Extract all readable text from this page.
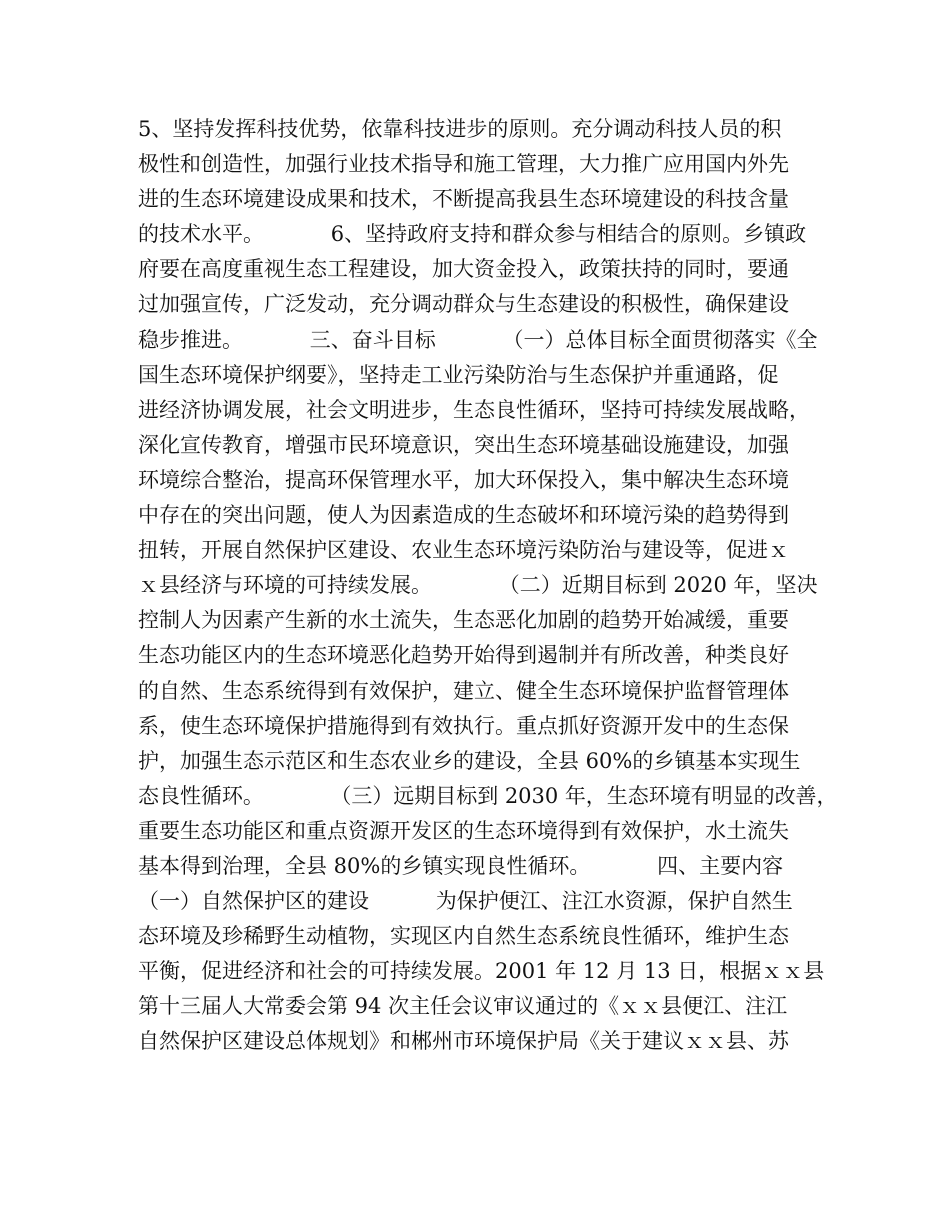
5、坚持发挥科技优势，依靠科技进步的原则。充分调动科技人员的积
极性和创造性，加强行业技术指导和施工管理，大力推广应用国内外先
进的生态环境建设成果和技术，不断提高我县生态环境建设的科技含量
的技术水平。          6、坚持政府支持和群众参与相结合的原则。乡镇政
府要在高度重视生态工程建设，加大资金投入，政策扶持的同时，要通
过加强宣传，广泛发动，充分调动群众与生态建设的积极性，确保建设
稳步推进。          三、奋斗目标          （一）总体目标全面贯彻落实《全
国生态环境保护纲要》，坚持走工业污染防治与生态保护并重通路，促
进经济协调发展，社会文明进步，生态良性循环，坚持可持续发展战略，
深化宣传教育，增强市民环境意识，突出生态环境基础设施建设，加强
环境综合整治，提高环保管理水平，加大环保投入，集中解决生态环境
中存在的突出问题，使人为因素造成的生态破坏和环境污染的趋势得到
扭转，开展自然保护区建设、农业生态环境污染防治与建设等，促进ｘ
ｘ县经济与环境的可持续发展。          （二）近期目标到 2020 年，坚决
控制人为因素产生新的水土流失，生态恶化加剧的趋势开始减缓，重要
生态功能区内的生态环境恶化趋势开始得到遏制并有所改善，种类良好
的自然、生态系统得到有效保护，建立、健全生态环境保护监督管理体
系，使生态环境保护措施得到有效执行。重点抓好资源开发中的生态保
护，加强生态示范区和生态农业乡的建设，全县 60%的乡镇基本实现生
态良性循环。          （三）远期目标到 2030 年，生态环境有明显的改善，
重要生态功能区和重点资源开发区的生态环境得到有效保护，水土流失
基本得到治理，全县 80%的乡镇实现良性循环。          四、主要内容
（一）自然保护区的建设          为保护便江、注江水资源，保护自然生
态环境及珍稀野生动植物，实现区内自然生态系统良性循环，维护生态
平衡，促进经济和社会的可持续发展。2001 年 12 月 13 日，根据ｘｘ县
第十三届人大常委会第 94 次主任会议审议通过的《ｘｘ县便江、注江
自然保护区建设总体规划》和郴州市环境保护局《关于建议ｘｘ县、苏
